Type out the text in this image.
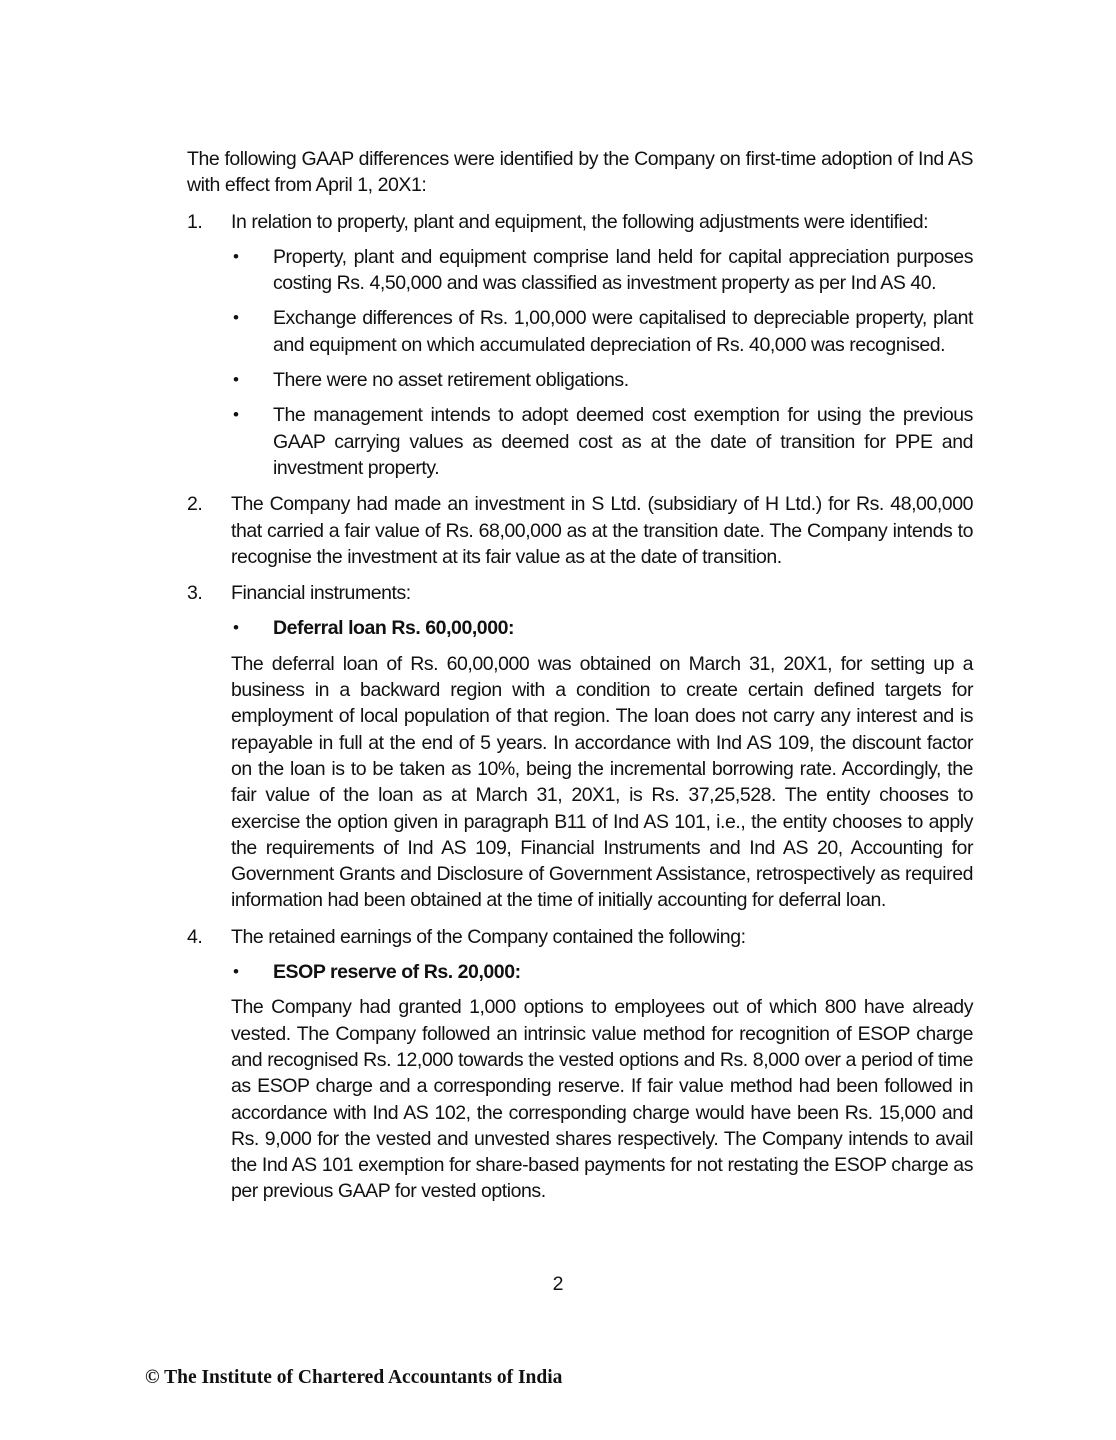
The following GAAP differences were identified by the Company on first-time adoption of Ind AS with effect from April 1, 20X1:

1. In relation to property, plant and equipment, the following adjustments were identified:

• Property, plant and equipment comprise land held for capital appreciation purposes costing Rs. 4,50,000 and was classified as investment property as per Ind AS 40.

• Exchange differences of Rs. 1,00,000 were capitalised to depreciable property, plant and equipment on which accumulated depreciation of Rs. 40,000 was recognised.

• There were no asset retirement obligations.

• The management intends to adopt deemed cost exemption for using the previous GAAP carrying values as deemed cost as at the date of transition for PPE and investment property.

2. The Company had made an investment in S Ltd. (subsidiary of H Ltd.) for Rs. 48,00,000 that carried a fair value of Rs. 68,00,000 as at the transition date. The Company intends to recognise the investment at its fair value as at the date of transition.

3. Financial instruments:

• Deferral loan Rs. 60,00,000:

The deferral loan of Rs. 60,00,000 was obtained on March 31, 20X1, for setting up a business in a backward region with a condition to create certain defined targets for employment of local population of that region. The loan does not carry any interest and is repayable in full at the end of 5 years. In accordance with Ind AS 109, the discount factor on the loan is to be taken as 10%, being the incremental borrowing rate. Accordingly, the fair value of the loan as at March 31, 20X1, is Rs. 37,25,528. The entity chooses to exercise the option given in paragraph B11 of Ind AS 101, i.e., the entity chooses to apply the requirements of Ind AS 109, Financial Instruments and Ind AS 20, Accounting for Government Grants and Disclosure of Government Assistance, retrospectively as required information had been obtained at the time of initially accounting for deferral loan.

4. The retained earnings of the Company contained the following:

• ESOP reserve of Rs. 20,000:

The Company had granted 1,000 options to employees out of which 800 have already vested. The Company followed an intrinsic value method for recognition of ESOP charge and recognised Rs. 12,000 towards the vested options and Rs. 8,000 over a period of time as ESOP charge and a corresponding reserve. If fair value method had been followed in accordance with Ind AS 102, the corresponding charge would have been Rs. 15,000 and Rs. 9,000 for the vested and unvested shares respectively. The Company intends to avail the Ind AS 101 exemption for share-based payments for not restating the ESOP charge as per previous GAAP for vested options.

2
© The Institute of Chartered Accountants of India
